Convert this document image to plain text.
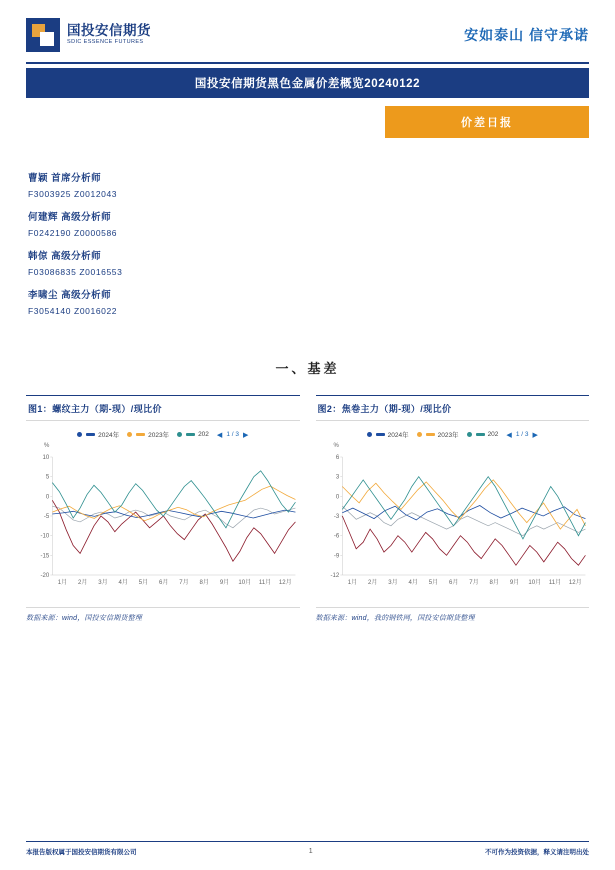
国投安信期货
SDIC ESSENCE FUTURES	安如泰山 信守承诺
国投安信期货黑色金属价差概览20240122
价差日报
曹颖 首席分析师
F3003925 Z0012043
何建辉 高级分析师
F0242190 Z0000586
韩倞 高级分析师
F03086835 Z0016553
李啸尘 高级分析师
F3054140 Z0016022
一、基差
图1：螺纹主力（期-现）/现比价
2024年	2023年	202 ◀ 1 / 3 ▶
%
10
5
0
-5
-10
-15
-20
1月 2月 3月 4月 5月 6月 7月 8月 9月 10月 11月 12月
数据来源：wind，国投安信期货整理
图2：焦卷主力（期-现）/现比价
2024年	2023年	202 ◀ 1 / 3 ▶
%
6
3
0
-3
-6
-9
-12
1月 2月 3月 4月 5月 6月 7月 8月 9月 10月 11月 12月
数据来源：wind，我的钢铁网，国投安信期货整理
本报告版权属于国投安信期货有限公司	1	不可作为投资依据，释义请注明出处
